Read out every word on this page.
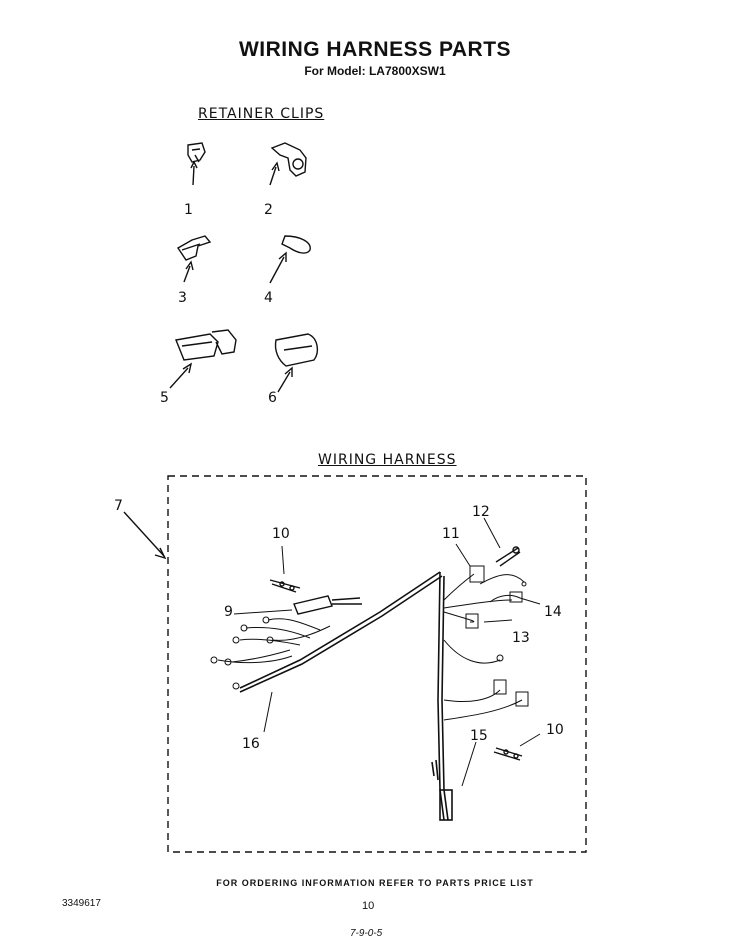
WIRING HARNESS PARTS
For Model: LA7800XSW1
RETAINER CLIPS
WIRING HARNESS
1	2
3	4
5	6
7
9
10	11
12
13
14
15	10
16
FOR ORDERING INFORMATION REFER TO PARTS PRICE LIST
3349617	10
7-9-0-5
